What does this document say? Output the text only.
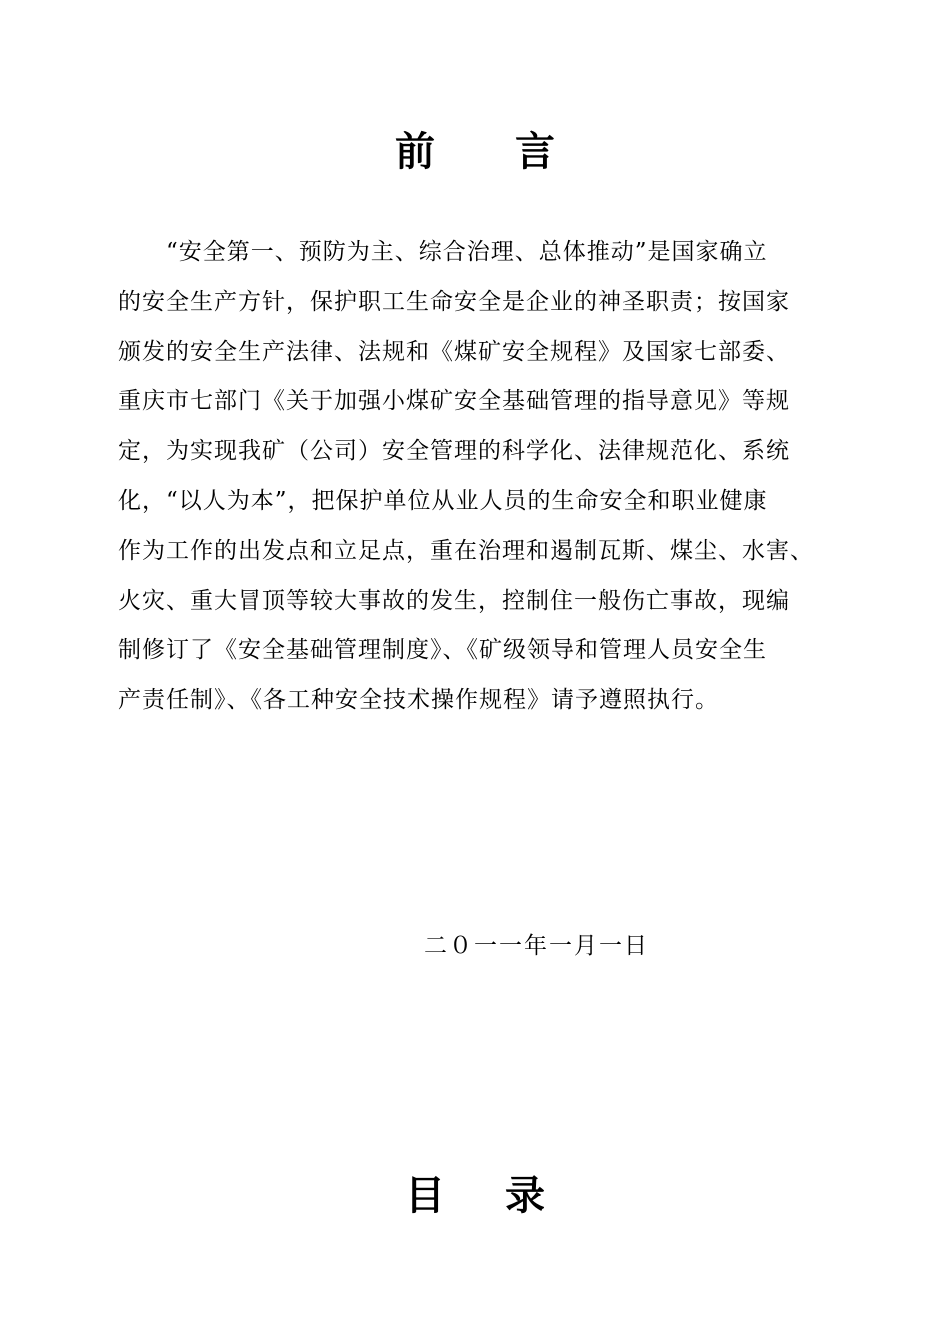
前言

　　“安全第一、预防为主、综合治理、总体推动”是国家确立
的安全生产方针，保护职工生命安全是企业的神圣职责；按国家
颁发的安全生产法律、法规和《煤矿安全规程》及国家七部委、
重庆市七部门《关于加强小煤矿安全基础管理的指导意见》等规
定，为实现我矿（公司）安全管理的科学化、法律规范化、系统
化，“以人为本”，把保护单位从业人员的生命安全和职业健康
作为工作的出发点和立足点，重在治理和遏制瓦斯、煤尘、水害、
火灾、重大冒顶等较大事故的发生，控制住一般伤亡事故，现编
制修订了《安全基础管理制度》、《矿级领导和管理人员安全生
产责任制》、《各工种安全技术操作规程》请予遵照执行。

二０一一年一月一日

目录
